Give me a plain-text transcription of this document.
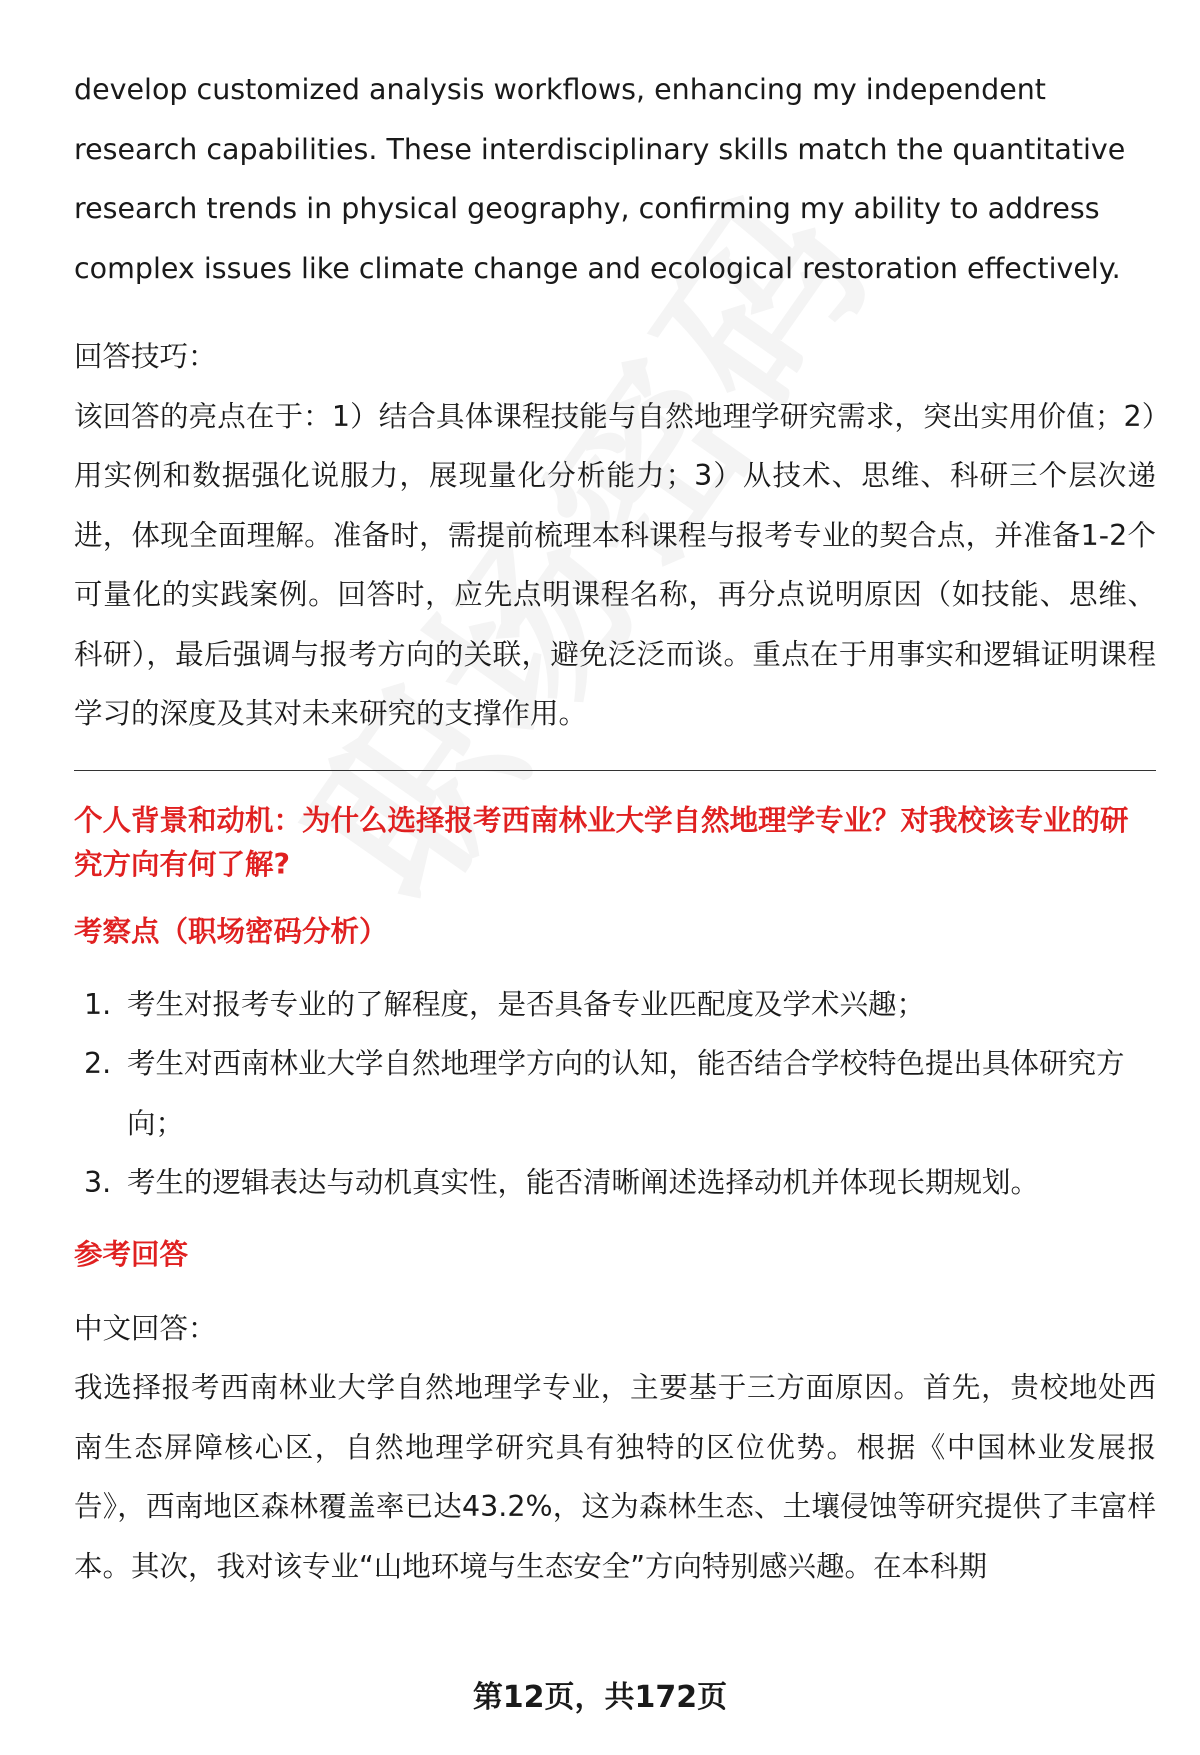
develop customized analysis workflows, enhancing my independent research capabilities. These interdisciplinary skills match the quantitative research trends in physical geography, confirming my ability to address complex issues like climate change and ecological restoration effectively.

回答技巧：

该回答的亮点在于：1）结合具体课程技能与自然地理学研究需求，突出实用价值；2）用实例和数据强化说服力，展现量化分析能力；3）从技术、思维、科研三个层次递进，体现全面理解。准备时，需提前梳理本科课程与报考专业的契合点，并准备1-2个可量化的实践案例。回答时，应先点明课程名称，再分点说明原因（如技能、思维、科研），最后强调与报考方向的关联，避免泛泛而谈。重点在于用事实和逻辑证明课程学习的深度及其对未来研究的支撑作用。

个人背景和动机：为什么选择报考西南林业大学自然地理学专业？对我校该专业的研究方向有何了解?
考察点（职场密码分析）
1. 考生对报考专业的了解程度，是否具备专业匹配度及学术兴趣；
2. 考生对西南林业大学自然地理学方向的认知，能否结合学校特色提出具体研究方向；
3. 考生的逻辑表达与动机真实性，能否清晰阐述选择动机并体现长期规划。
参考回答

中文回答：

我选择报考西南林业大学自然地理学专业，主要基于三方面原因。首先，贵校地处西南生态屏障核心区，自然地理学研究具有独特的区位优势。根据《中国林业发展报告》，西南地区森林覆盖率已达43.2%，这为森林生态、土壤侵蚀等研究提供了丰富样本。其次，我对该专业“山地环境与生态安全”方向特别感兴趣。在本科期

第12页，共172页
